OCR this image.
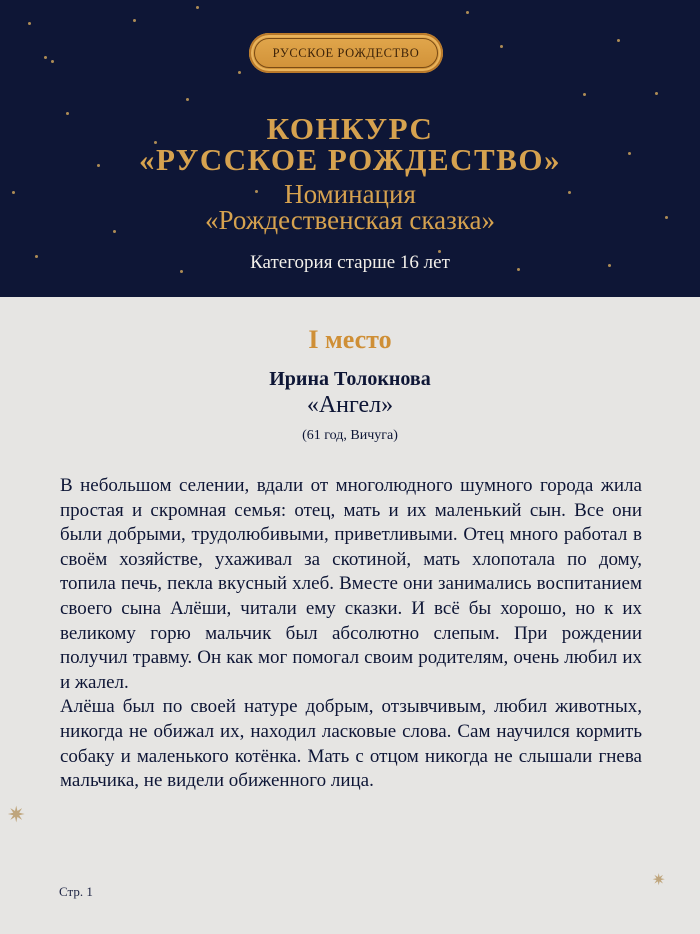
РУССКОЕ РОЖДЕСТВО
КОНКУРС
«РУССКОЕ РОЖДЕСТВО»
Номинация
«Рождественская сказка»
Категория старше 16 лет
I место
Ирина Толокнова
«Ангел»
(61 год, Вичуга)

В небольшом селении, вдали от многолюдного шумного города жила простая и скромная семья: отец, мать и их маленький сын. Все они были добрыми, трудолюбивыми, приветливыми. Отец много работал в своём хозяйстве, ухаживал за скотиной, мать хлопотала по дому, топила печь, пекла вкусный хлеб. Вместе они занимались воспитанием своего сына Алёши, читали ему сказки. И всё бы хорошо, но к их великому горю мальчик был абсолютно слепым. При рождении получил травму. Он как мог помогал своим родителям, очень любил их и жалел.

Алёша был по своей натуре добрым, отзывчивым, любил животных, никогда не обижал их, находил ласковые слова. Сам научился кормить собаку и маленького котёнка. Мать с отцом никогда не слышали гнева мальчика, не видели обиженного лица.

✷
✷
Стр. 1
